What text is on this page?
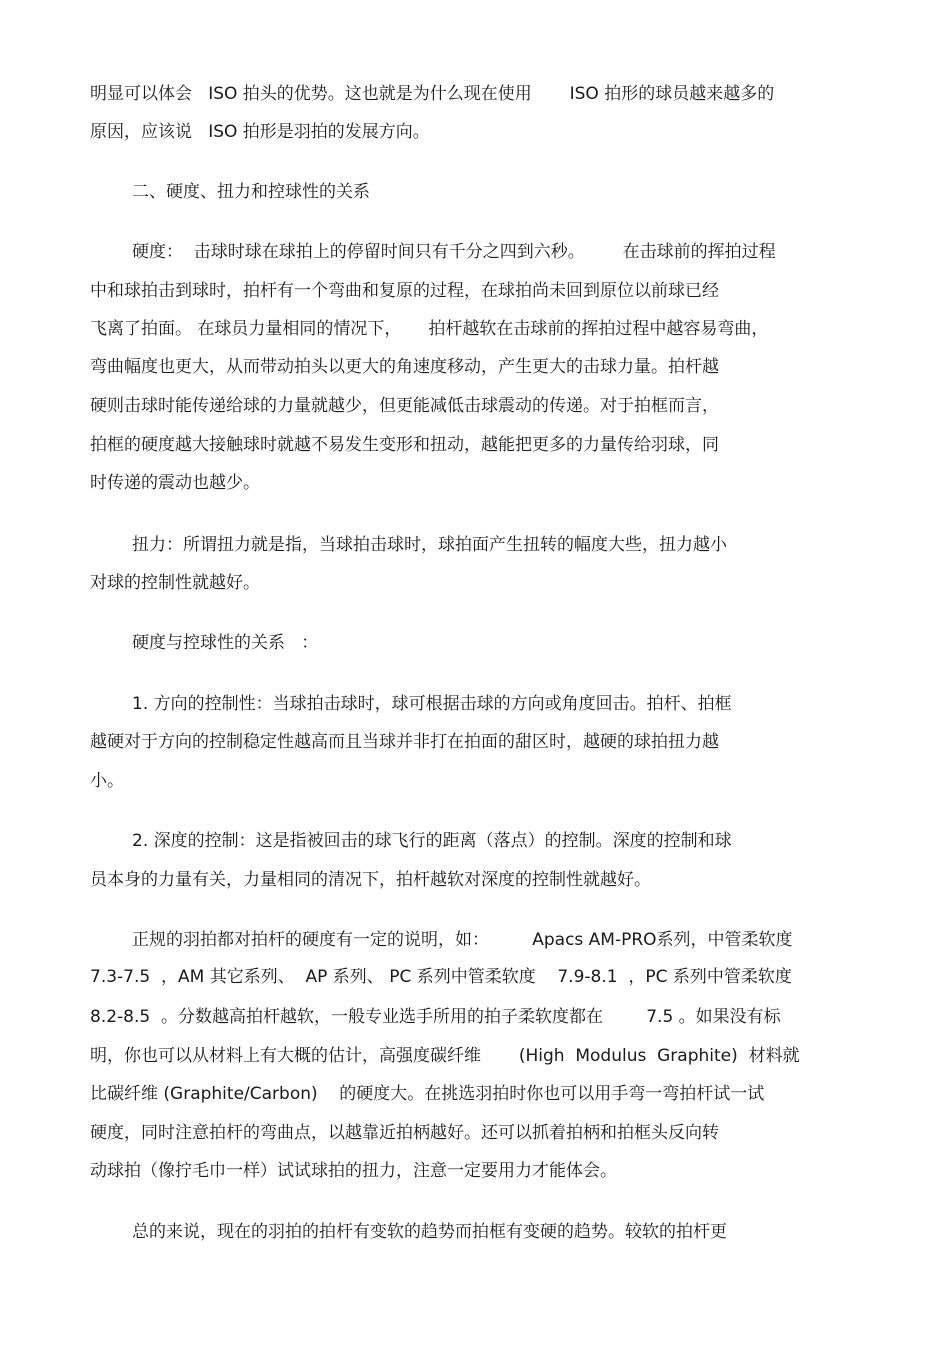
明显可以体会   ISO 拍头的优势。这也就是为什么现在使用       ISO 拍形的球员越来越多的
原因，应该说   ISO 拍形是羽拍的发展方向。
二、硬度、扭力和控球性的关系
硬度：  击球时球在球拍上的停留时间只有千分之四到六秒。       在击球前的挥拍过程
中和球拍击到球时，拍杆有一个弯曲和复原的过程，在球拍尚未回到原位以前球已经
飞离了拍面。 在球员力量相同的情况下，     拍杆越软在击球前的挥拍过程中越容易弯曲，
弯曲幅度也更大，从而带动拍头以更大的角速度移动，产生更大的击球力量。拍杆越
硬则击球时能传递给球的力量就越少，但更能减低击球震动的传递。对于拍框而言，
拍框的硬度越大接触球时就越不易发生变形和扭动，越能把更多的力量传给羽球，同
时传递的震动也越少。
扭力：所谓扭力就是指，当球拍击球时，球拍面产生扭转的幅度大些，扭力越小
对球的控制性就越好。
硬度与控球性的关系   ：
1. 方向的控制性：当球拍击球时，球可根据击球的方向或角度回击。拍杆、拍框
越硬对于方向的控制稳定性越高而且当球并非打在拍面的甜区时，越硬的球拍扭力越
小。
2. 深度的控制：这是指被回击的球飞行的距离（落点）的控制。深度的控制和球
员本身的力量有关，力量相同的清况下，拍杆越软对深度的控制性就越好。
正规的羽拍都对拍杆的硬度有一定的说明，如：        Apacs AM-PRO系列，中管柔软度
7.3-7.5  ，AM 其它系列、  AP 系列、 PC 系列中管柔软度    7.9-8.1  ，PC 系列中管柔软度
8.2-8.5  。分数越高拍杆越软，一般专业选手所用的拍子柔软度都在        7.5 。如果没有标
明，你也可以从材料上有大概的估计，高强度碳纤维       (High  Modulus  Graphite)  材料就
比碳纤维 (Graphite/Carbon)    的硬度大。在挑选羽拍时你也可以用手弯一弯拍杆试一试
硬度，同时注意拍杆的弯曲点，以越靠近拍柄越好。还可以抓着拍柄和拍框头反向转
动球拍（像拧毛巾一样）试试球拍的扭力，注意一定要用力才能体会。
总的来说，现在的羽拍的拍杆有变软的趋势而拍框有变硬的趋势。较软的拍杆更
